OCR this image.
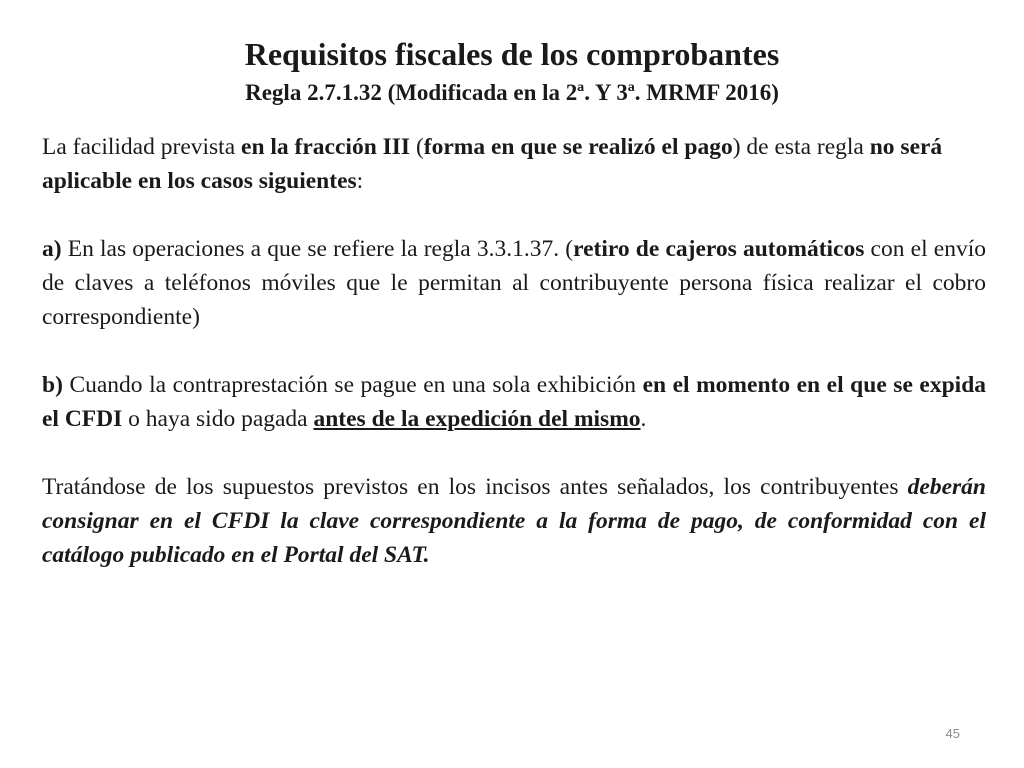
Requisitos fiscales de los comprobantes
Regla 2.7.1.32 (Modificada en la 2ª. Y 3ª. MRMF 2016)

La facilidad prevista en la fracción III (forma en que se realizó el pago) de esta regla no será aplicable en los casos siguientes:

a) En las operaciones a que se refiere la regla 3.3.1.37. (retiro de cajeros automáticos con el envío de claves a teléfonos móviles que le permitan al contribuyente persona física realizar el cobro correspondiente)

b) Cuando la contraprestación se pague en una sola exhibición en el momento en el que se expida el CFDI o haya sido pagada antes de la expedición del mismo.

Tratándose de los supuestos previstos en los incisos antes señalados, los contribuyentes deberán consignar en el CFDI la clave correspondiente a la forma de pago, de conformidad con el catálogo publicado en el Portal del SAT.

45
